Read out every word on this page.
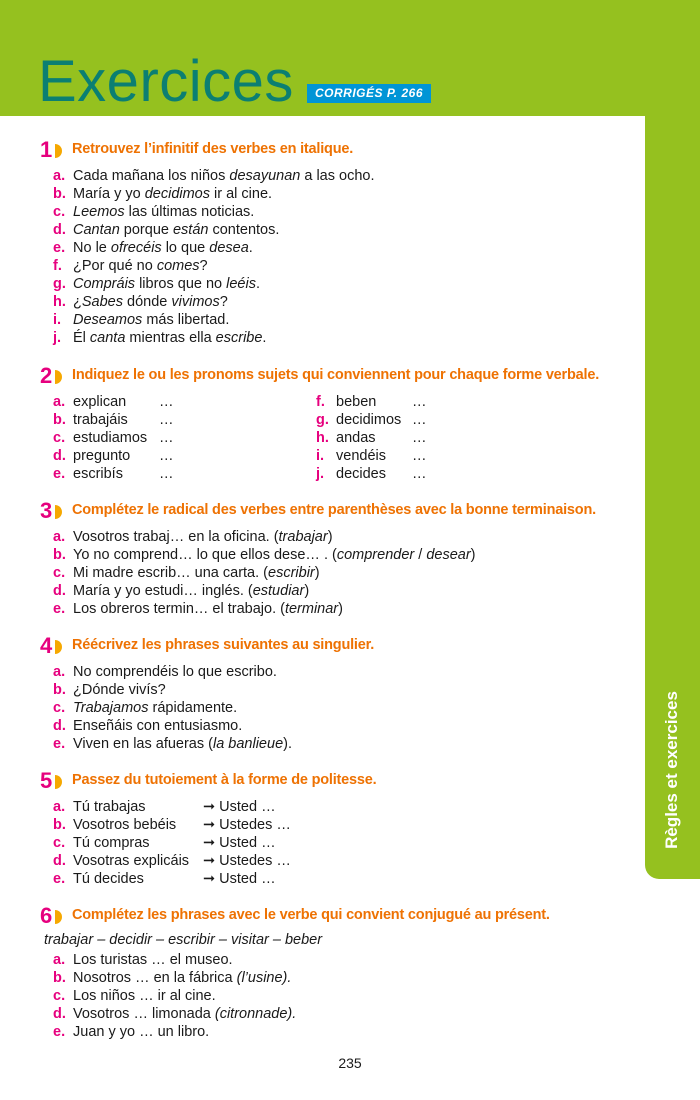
Règles et exercices
Exercices	CORRIGÉS P. 266
1 Retrouvez l’infinitif des verbes en italique.
a. Cada mañana los niños desayunan a las ocho.
b. María y yo decidimos ir al cine.
c. Leemos las últimas noticias.
d. Cantan porque están contentos.
e. No le ofrecéis lo que desea.
f. ¿Por qué no comes?
g. Compráis libros que no leéis.
h. ¿Sabes dónde vivimos?
i. Deseamos más libertad.
j. Él canta mientras ella escribe.
2 Indiquez le ou les pronoms sujets qui conviennent pour chaque forme verbale.
a. explican …
b. trabajáis …
c. estudiamos …
d. pregunto …
e. escribís …
f. beben …
g. decidimos …
h. andas	…
i. vendéis …
j. decides …
3 Complétez le radical des verbes entre parenthèses avec la bonne terminaison.
a. Vosotros trabaj… en la oficina. (trabajar)
b. Yo no comprend… lo que ellos dese… . (comprender / desear)
c. Mi madre escrib… una carta. (escribir)
d. María y yo estudi… inglés. (estudiar)
e. Los obreros termin… el trabajo. (terminar)
4 Réécrivez les phrases suivantes au singulier.
a. No comprendéis lo que escribo.
b. ¿Dónde vivís?
c. Trabajamos rápidamente.
d. Enseñáis con entusiasmo.
e. Viven en las afueras (la banlieue).
5 Passez du tutoiement à la forme de politesse.
a. Tú trabajas	➞ Usted …
b. Vosotros bebéis ➞ Ustedes …
c. Tú compras	➞ Usted …
d. Vosotras explicáis ➞ Ustedes …
e. Tú decides	➞ Usted …
6 Complétez les phrases avec le verbe qui convient conjugué au présent.
trabajar – decidir – escribir – visitar – beber
a. Los turistas … el museo.
b. Nosotros … en la fábrica (l’usine).
c. Los niños … ir al cine.
d. Vosotros … limonada (citronnade).
e. Juan y yo … un libro.
235
